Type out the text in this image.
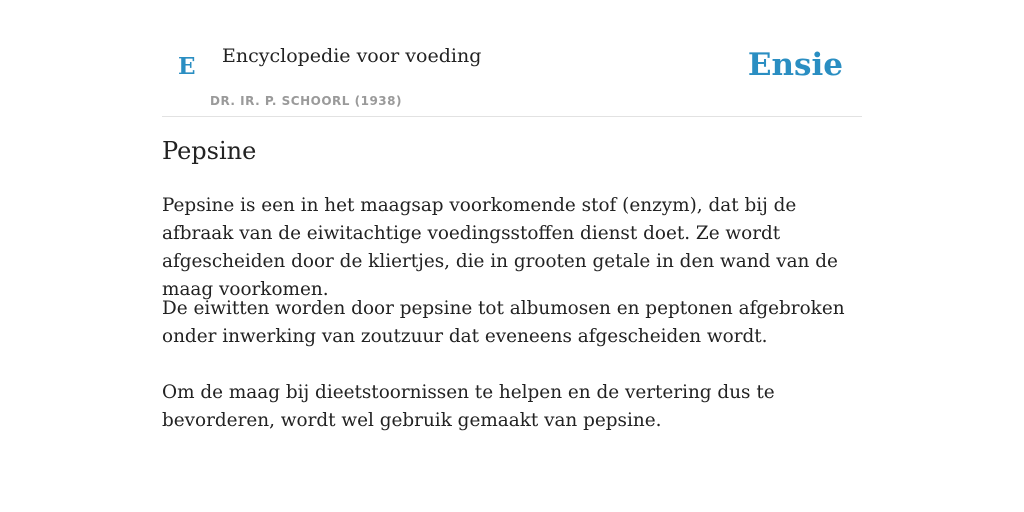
E Encyclopedie voor voeding
DR. IR. P. SCHOORL (1938)
Ensie
Pepsine

Pepsine is een in het maagsap voorkomende stof (enzym), dat bij de afbraak van de eiwitachtige voedingsstoffen dienst doet. Ze wordt afgescheiden door de kliertjes, die in grooten getale in den wand van de maag voorkomen.

De eiwitten worden door pepsine tot albumosen en peptonen afgebroken onder inwerking van zoutzuur dat eveneens afgescheiden wordt.

Om de maag bij dieetstoornissen te helpen en de vertering dus te bevorderen, wordt wel gebruik gemaakt van pepsine.
